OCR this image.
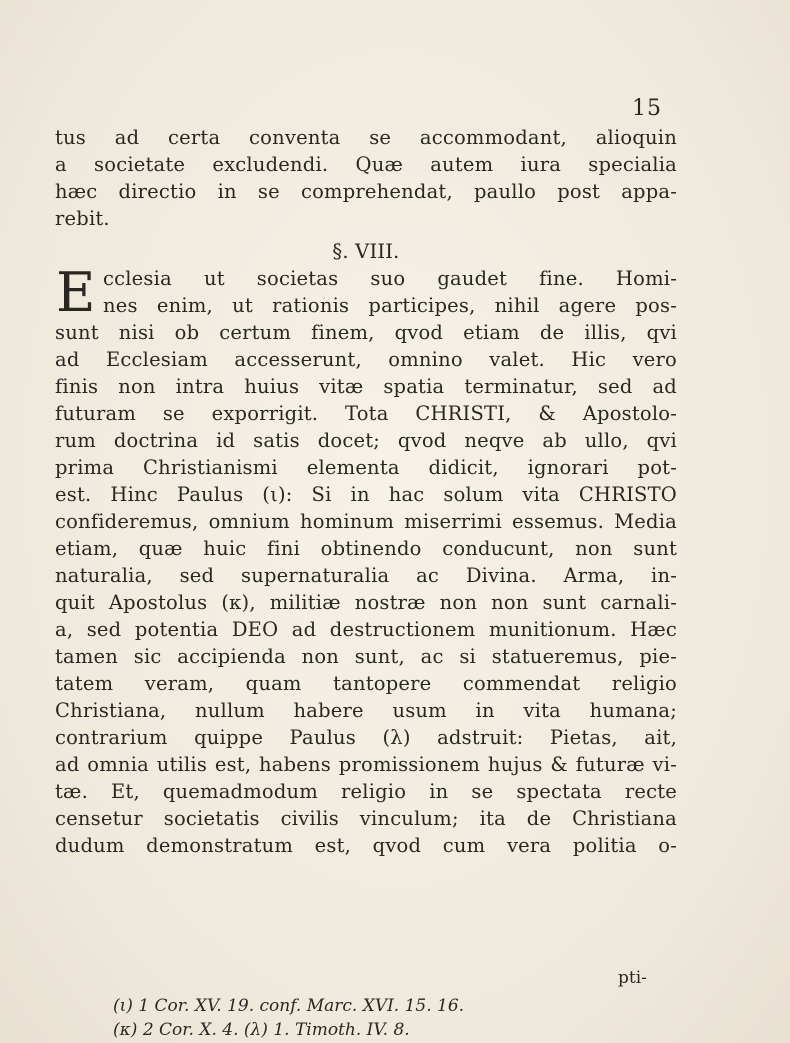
15
tus ad certa conventa se accommodant, alioquin
a societate excludendi. Quæ autem iura specialia
hæc directio in se comprehendat, paullo post appa-
rebit.
§. VIII.
E cclesia ut societas suo gaudet fine. Homi-
nes enim, ut rationis participes, nihil agere pos-
sunt nisi ob certum finem, qvod etiam de illis, qvi
ad Ecclesiam accesserunt, omnino valet. Hic vero
finis non intra huius vitæ spatia terminatur, sed ad
futuram se exporrigit. Tota CHRISTI, & Apostolo-
rum doctrina id satis docet; qvod neqve ab ullo, qvi
prima Christianismi elementa didicit, ignorari pot-
est. Hinc Paulus (ι): Si in hac solum vita CHRISTO
confideremus, omnium hominum miserrimi essemus. Media
etiam, quæ huic fini obtinendo conducunt, non sunt
naturalia, sed supernaturalia ac Divina. Arma, in-
quit Apostolus (κ), militiæ nostræ non non sunt carnali-
a, sed potentia DEO ad destructionem munitionum. Hæc
tamen sic accipienda non sunt, ac si statueremus, pie-
tatem veram, quam tantopere commendat religio
Christiana, nullum habere usum in vita humana;
contrarium quippe Paulus (λ) adstruit: Pietas, ait,
ad omnia utilis est, habens promissionem hujus & futuræ vi-
tæ. Et, quemadmodum religio in se spectata recte
censetur societatis civilis vinculum; ita de Christiana
dudum demonstratum est, qvod cum vera politia o-
pti-
(ι) 1 Cor. XV. 19. conf. Marc. XVI. 15. 16.
(κ) 2 Cor. X. 4. (λ) 1. Timoth. IV. 8.
